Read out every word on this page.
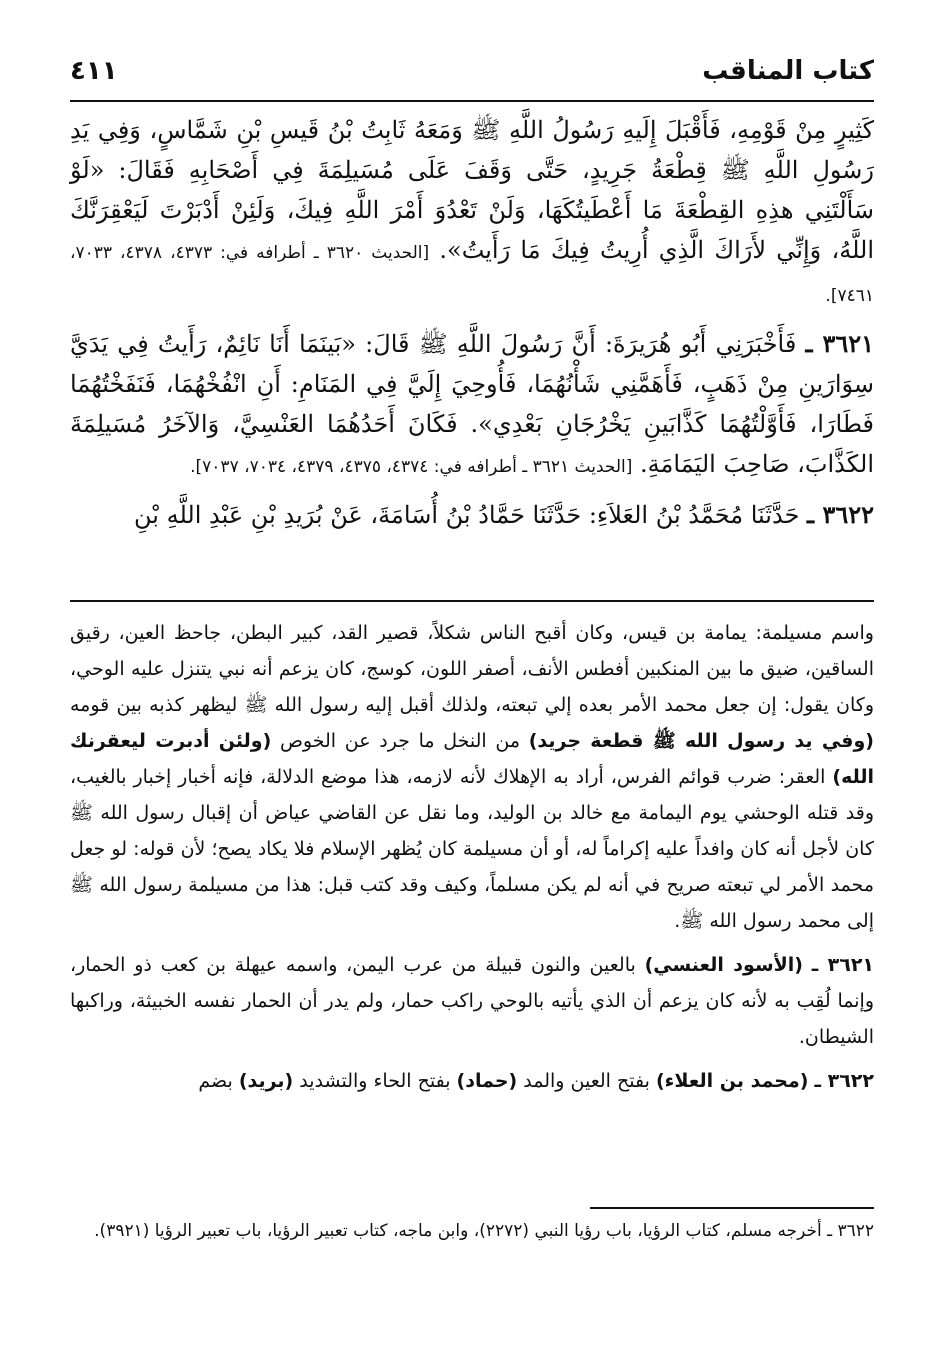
كتاب المناقب
٤١١

كَثِيرٍ مِنْ قَوْمِهِ، فَأَقْبَلَ إِلَيهِ رَسُولُ اللَّهِ ﷺ وَمَعَهُ ثَابِتُ بْنُ قَيسِ بْنِ شَمَّاسٍ، وَفِي يَدِ رَسُولِ اللَّهِ ﷺ قِطْعَةُ جَرِيدٍ، حَتَّى وَقَفَ عَلَى مُسَيلِمَةَ فِي أَصْحَابِهِ فَقَالَ: «لَوْ سَأَلْتَنِي هذِهِ القِطْعَةَ مَا أَعْطَيتُكَهَا، وَلَنْ تَعْدُوَ أَمْرَ اللَّهِ فِيكَ، وَلَئِنْ أَدْبَرْتَ لَيَعْقِرَنَّكَ اللَّهُ، وَإِنِّي لأَرَاكَ الَّذِي أُرِيتُ فِيكَ مَا رَأَيتُ». [الحديث ٣٦٢٠ ـ أطرافه في: ٤٣٧٣، ٤٣٧٨، ٧٠٣٣، ٧٤٦١].

٣٦٢١ ـ فَأَخْبَرَنِي أَبُو هُرَيرَةَ: أَنَّ رَسُولَ اللَّهِ ﷺ قَالَ: «بَينَمَا أَنَا نَائِمٌ، رَأَيتُ فِي يَدَيَّ سِوَارَينِ مِنْ ذَهَبٍ، فَأَهَمَّنِي شَأْنُهُمَا، فَأُوحِيَ إِلَيَّ فِي المَنَامِ: أَنِ انْفُخْهُمَا، فَنَفَخْتُهُمَا فَطَارَا، فَأَوَّلْتُهُمَا كَذَّابَينِ يَخْرُجَانِ بَعْدِي». فَكَانَ أَحَدُهُمَا العَنْسِيَّ، وَالآخَرُ مُسَيلِمَةَ الكَذَّابَ، صَاحِبَ اليَمَامَةِ. [الحديث ٣٦٢١ ـ أطرافه في: ٤٣٧٤، ٤٣٧٥، ٤٣٧٩، ٧٠٣٤، ٧٠٣٧].

٣٦٢٢ ـ حَدَّثَنَا مُحَمَّدُ بْنُ العَلاَءِ: حَدَّثَنَا حَمَّادُ بْنُ أُسَامَةَ، عَنْ بُرَيدِ بْنِ عَبْدِ اللَّهِ بْنِ

واسم مسيلمة: يمامة بن قيس، وكان أقبح الناس شكلاً، قصير القد، كبير البطن، جاحظ العين، رقيق الساقين، ضيق ما بين المنكبين أفطس الأنف، أصفر اللون، كوسج، كان يزعم أنه نبي يتنزل عليه الوحي، وكان يقول: إن جعل محمد الأمر بعده إلي تبعته، ولذلك أقبل إليه رسول الله ﷺ ليظهر كذبه بين قومه (وفي يد رسول الله ﷺ قطعة جريد) من النخل ما جرد عن الخوص (ولئن أدبرت ليعقرنك الله) العقر: ضرب قوائم الفرس، أراد به الإهلاك لأنه لازمه، هذا موضع الدلالة، فإنه أخبار إخبار بالغيب، وقد قتله الوحشي يوم اليمامة مع خالد بن الوليد، وما نقل عن القاضي عياض أن إقبال رسول الله ﷺ كان لأجل أنه كان وافداً عليه إكراماً له، أو أن مسيلمة كان يُظهر الإسلام فلا يكاد يصح؛ لأن قوله: لو جعل محمد الأمر لي تبعته صريح في أنه لم يكن مسلماً، وكيف وقد كتب قبل: هذا من مسيلمة رسول الله ﷺ إلى محمد رسول الله ﷺ.

٣٦٢١ ـ (الأسود العنسي) بالعين والنون قبيلة من عرب اليمن، واسمه عيهلة بن كعب ذو الحمار، وإنما لُقِب به لأنه كان يزعم أن الذي يأتيه بالوحي راكب حمار، ولم يدر أن الحمار نفسه الخبيثة، وراكبها الشيطان.

٣٦٢٢ ـ (محمد بن العلاء) بفتح العين والمد (حماد) بفتح الحاء والتشديد (بريد) بضم

٣٦٢٢ ـ أخرجه مسلم، كتاب الرؤيا، باب رؤيا النبي (٢٢٧٢)، وابن ماجه، كتاب تعبير الرؤيا، باب تعبير الرؤيا (٣٩٢١).
